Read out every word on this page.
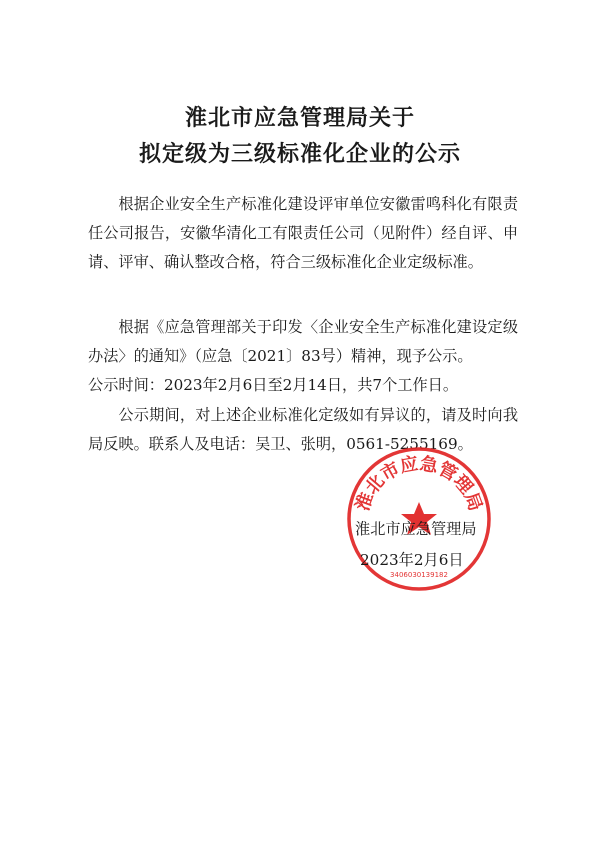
淮北市应急管理局关于
拟定级为三级标准化企业的公示

根据企业安全生产标准化建设评审单位安徽雷鸣科化有限责任公司报告，安徽华清化工有限责任公司（见附件）经自评、申请、评审、确认整改合格，符合三级标准化企业定级标准。

根据《应急管理部关于印发〈企业安全生产标准化建设定级办法〉的通知》（应急〔2021〕83号）精神，现予公示。

公示时间：2023年2月6日至2月14日，共7个工作日。

公示期间，对上述企业标准化定级如有异议的，请及时向我局反映。联系人及电话：吴卫、张明，0561-5255169。

淮北市应急管理局
3406030139182
淮北市应急管理局
2023年2月6日
